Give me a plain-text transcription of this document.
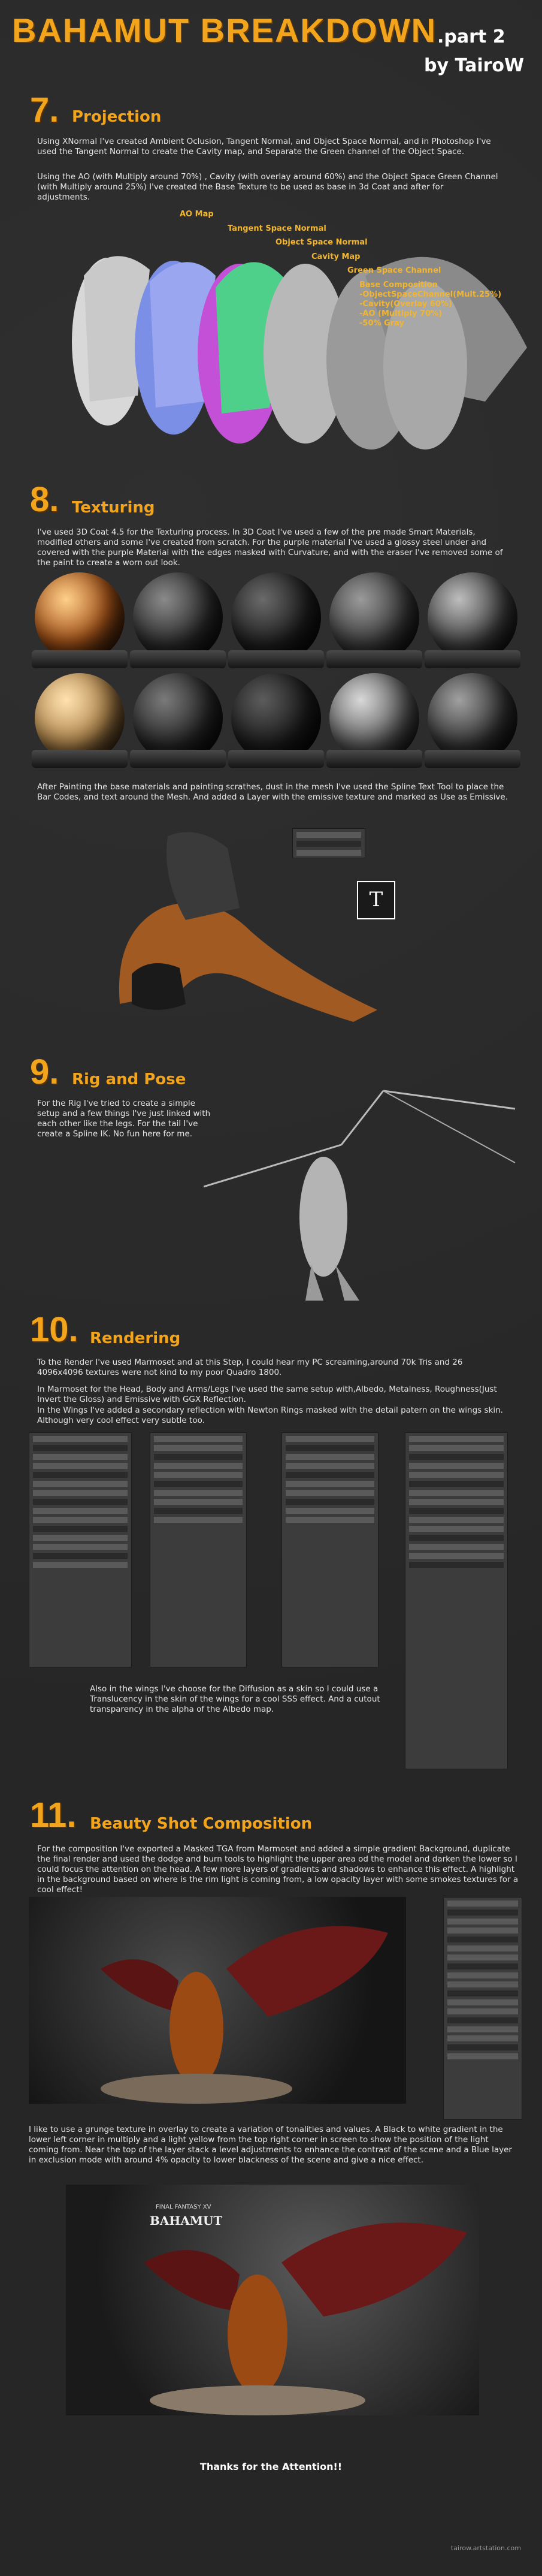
BAHAMUT BREAKDOWN .part 2
by TairoW
7. Projection
Using XNormal I've created Ambient Oclusion, Tangent Normal, and Object Space Normal, and in Photoshop I've used the Tangent Normal to create the Cavity map, and Separate the Green channel of the Object Space.
Using the AO (with Multiply around 70%) , Cavity (with overlay around 60%) and the Object Space Green Channel (with Multiply around 25%) I've created the Base Texture to be used as base in 3d Coat and after for adjustments.
AO Map
Tangent Space Normal
Object Space Normal
Cavity Map
Green Space Channel
Base Composition
-ObjectSpaceChannel(Mult.25%)
-Cavity(Overlay 60%)
-AO (Multiply 70%)
-50% Gray
8. Texturing
I've used 3D Coat 4.5 for the Texturing process. In 3D Coat I've used a few of the pre made Smart Materials, modified others and some I've created from scratch. For the purple material I've used a glossy steel under and covered with the purple Material with the edges masked with Curvature, and with the eraser I've removed some of the paint to create a worn out look.
After Painting the base materials and painting scrathes, dust in the mesh I've used the Spline Text Tool to place the Bar Codes, and text around the Mesh. And added a Layer with the emissive texture and marked as Use as Emissive.
T
9. Rig and Pose
For the Rig I've tried to create a simple setup and a few things I've just linked with each other like the legs. For the tail I've create a Spline IK. No fun here for me.
10. Rendering
To the Render I've used Marmoset and at this Step, I could hear my PC screaming,around 70k Tris and 26 4096x4096 textures were not kind to my poor Quadro 1800.
In Marmoset for the Head, Body and Arms/Legs I've used the same setup with,Albedo, Metalness, Roughness(Just Invert the Gloss) and Emissive with GGX Reflection.
In the Wings I've added a secondary reflection with Newton Rings masked with the detail patern on the wings skin. Although very cool effect very subtle too.
Also in the wings I've choose for the Diffusion as a skin so I could use a Translucency in the skin of the wings for a cool SSS effect. And a cutout transparency in the alpha of the Albedo map.
11. Beauty Shot Composition
For the composition I've exported a Masked TGA from Marmoset and added a simple gradient Background, duplicate the final render and used the dodge and burn tools to highlight the upper area od the model and darken the lower so I could focus the attention on the head. A few more layers of gradients and shadows to enhance this effect. A highlight in the background based on where is the rim light is coming from, a low opacity layer with some smokes textures for a cool effect!
I like to use a grunge texture in overlay to create a variation of tonalities and values. A Black to white gradient in the lower left corner in multiply and a light yellow from the top right corner in screen to show the position of the light coming from. Near the top of the layer stack a level adjustments to enhance the contrast of the scene and a Blue layer in exclusion mode with around 4% opacity to lower blackness of the scene and give a nice effect.
FINAL FANTASY XV
BAHAMUT
Thanks for the Attention!!
tairow.artstation.com
